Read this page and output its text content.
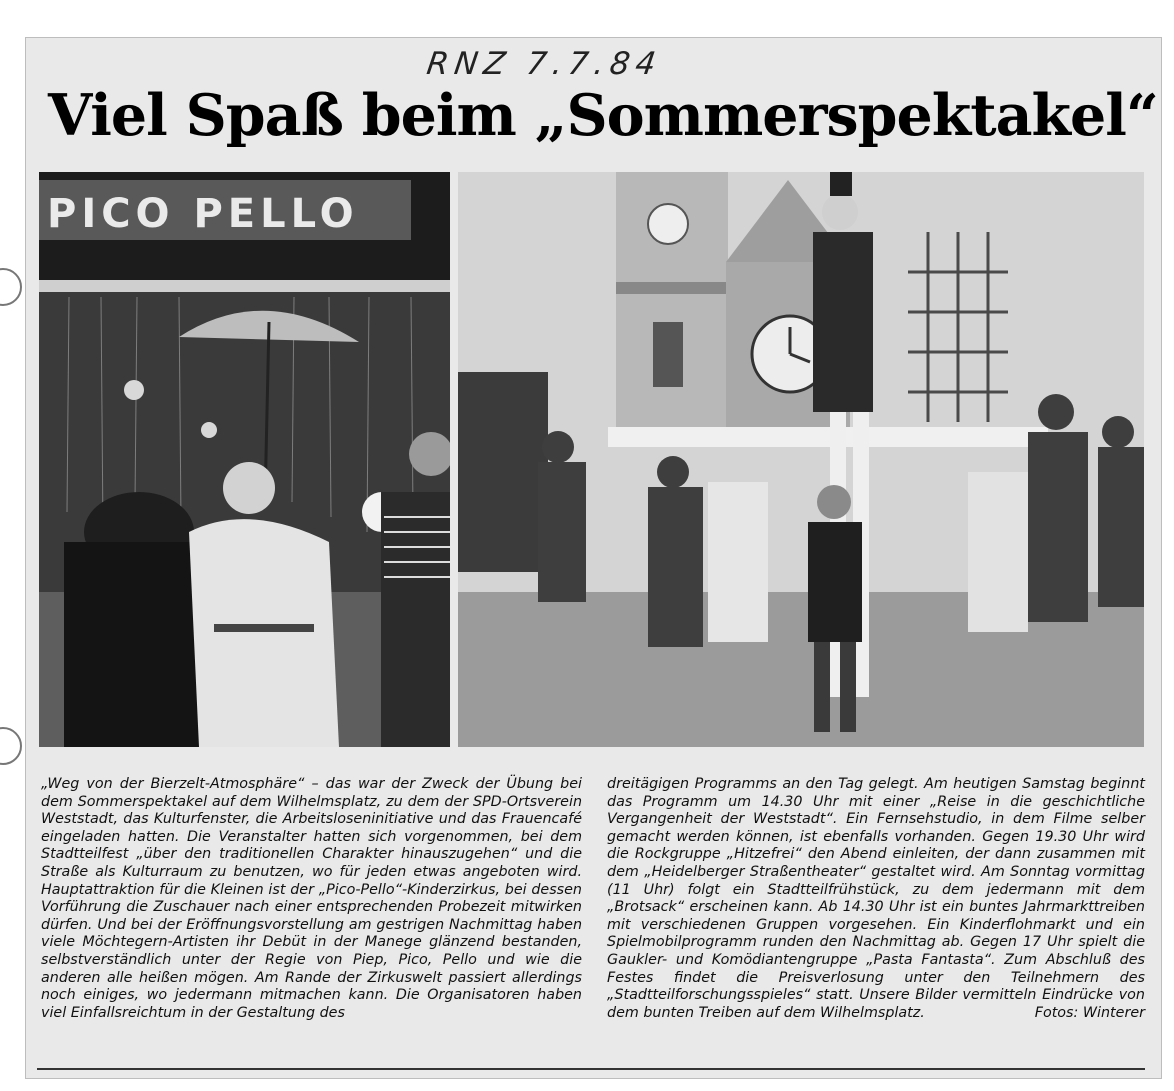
RNZ 7.7.84
Viel Spaß beim „Sommerspektakel“
PICO PELLO

„Weg von der Bierzelt-Atmosphäre“ – das war der Zweck der Übung bei dem Sommerspektakel auf dem Wilhelmsplatz, zu dem der SPD-Ortsverein Weststadt, das Kulturfenster, die Arbeitsloseninitiative und das Frauencafé eingeladen hatten. Die Veranstalter hatten sich vorgenommen, bei dem Stadtteilfest „über den traditionellen Charakter hinauszugehen“ und die Straße als Kulturraum zu benutzen, wo für jeden etwas angeboten wird. Hauptattraktion für die Kleinen ist der „Pico-Pello“-Kinderzirkus, bei dessen Vorführung die Zuschauer nach einer entsprechenden Probezeit mitwirken dürfen. Und bei der Eröffnungsvorstellung am gestrigen Nachmittag haben viele Möchtegern-Artisten ihr Debüt in der Manege glänzend bestanden, selbstverständlich unter der Regie von Piep, Pico, Pello und wie die anderen alle heißen mögen. Am Rande der Zirkuswelt passiert allerdings noch einiges, wo jedermann mitmachen kann. Die Organisatoren haben viel Einfallsreichtum in der Gestaltung des

dreitägigen Programms an den Tag gelegt. Am heutigen Samstag beginnt das Programm um 14.30 Uhr mit einer „Reise in die geschichtliche Vergangenheit der Weststadt“. Ein Fernsehstudio, in dem Filme selber gemacht werden können, ist ebenfalls vorhanden. Gegen 19.30 Uhr wird die Rockgruppe „Hitzefrei“ den Abend einleiten, der dann zusammen mit dem „Heidelberger Straßentheater“ gestaltet wird. Am Sonntag vormittag (11 Uhr) folgt ein Stadtteilfrühstück, zu dem jedermann mit dem „Brotsack“ erscheinen kann. Ab 14.30 Uhr ist ein buntes Jahrmarkttreiben mit verschiedenen Gruppen vorgesehen. Ein Kinderflohmarkt und ein Spielmobilprogramm runden den Nachmittag ab. Gegen 17 Uhr spielt die Gaukler- und Komödiantengruppe „Pasta Fantasta“. Zum Abschluß des Festes findet die Preisverlosung unter den Teilnehmern des „Stadtteilforschungsspieles“ statt. Unsere Bilder vermitteln Eindrücke von dem bunten Treiben auf dem Wilhelmsplatz.	Fotos: Winterer
